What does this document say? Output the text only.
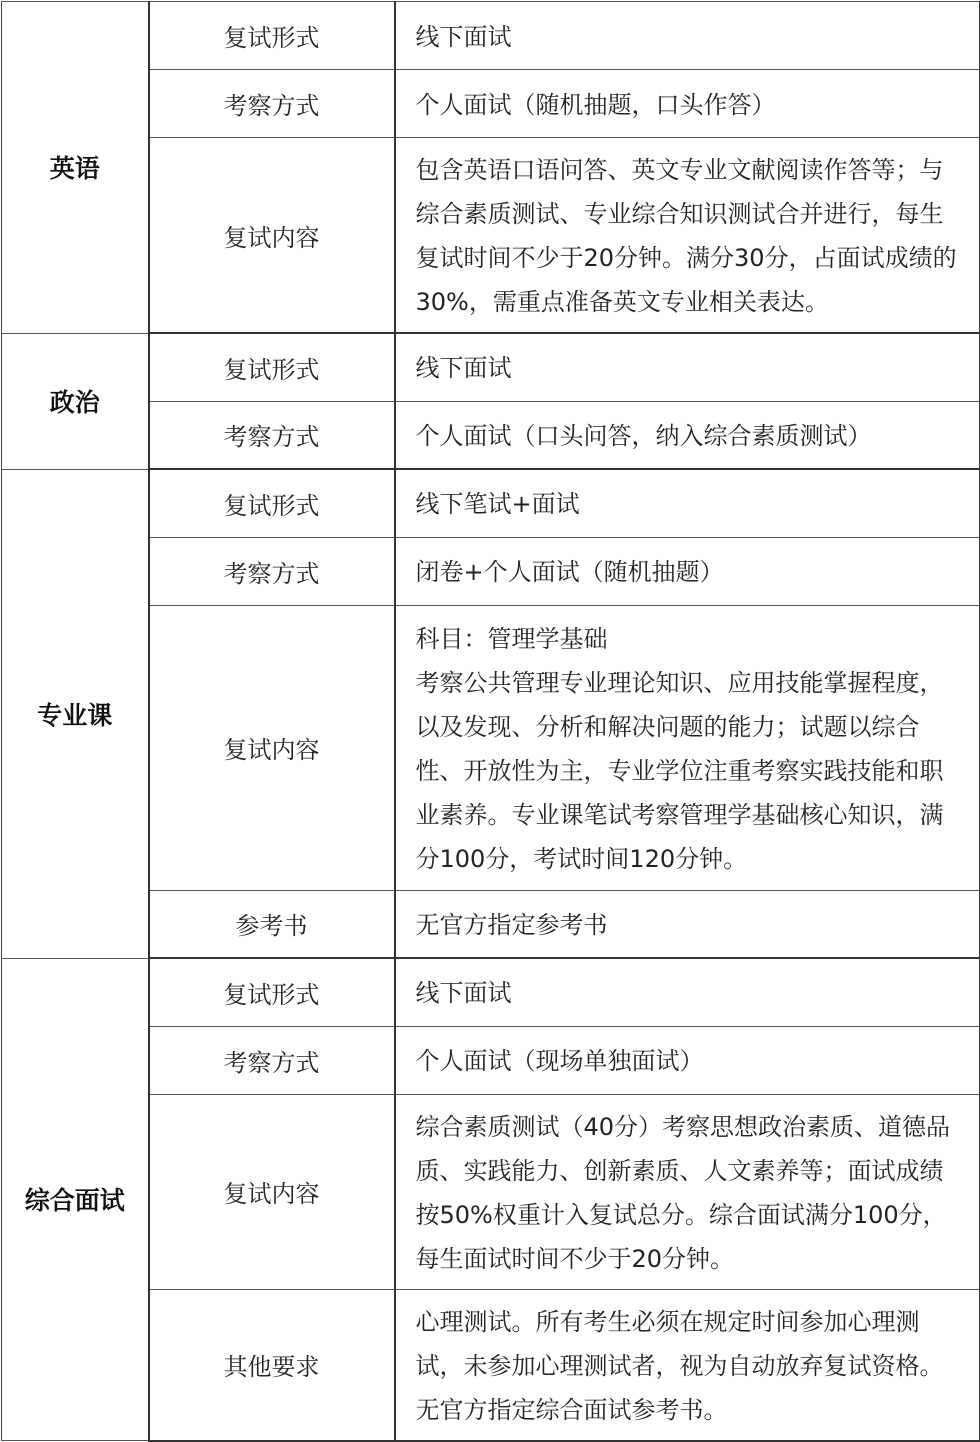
英语	复试形式	线下面试
	考察方式	个人面试（随机抽题，口头作答）
	复试内容	包含英语口语问答、英文专业文献阅读作答等；与综合素质测试、专业综合知识测试合并进行，每生复试时间不少于20分钟。满分30分，占面试成绩的30%，需重点准备英文专业相关表达。
政治	复试形式	线下面试
	考察方式	个人面试（口头问答，纳入综合素质测试）
专业课	复试形式	线下笔试+面试
	考察方式	闭卷+个人面试（随机抽题）
	复试内容	科目：管理学基础
考察公共管理专业理论知识、应用技能掌握程度，以及发现、分析和解决问题的能力；试题以综合性、开放性为主，专业学位注重考察实践技能和职业素养。专业课笔试考察管理学基础核心知识，满分100分，考试时间120分钟。

	参考书	无官方指定参考书
综合面试	复试形式	线下面试
	考察方式	个人面试（现场单独面试）
	复试内容	综合素质测试（40分）考察思想政治素质、道德品质、实践能力、创新素质、人文素养等；面试成绩按50%权重计入复试总分。综合面试满分100分，每生面试时间不少于20分钟。
	其他要求	心理测试。所有考生必须在规定时间参加心理测试，未参加心理测试者，视为自动放弃复试资格。无官方指定综合面试参考书。
